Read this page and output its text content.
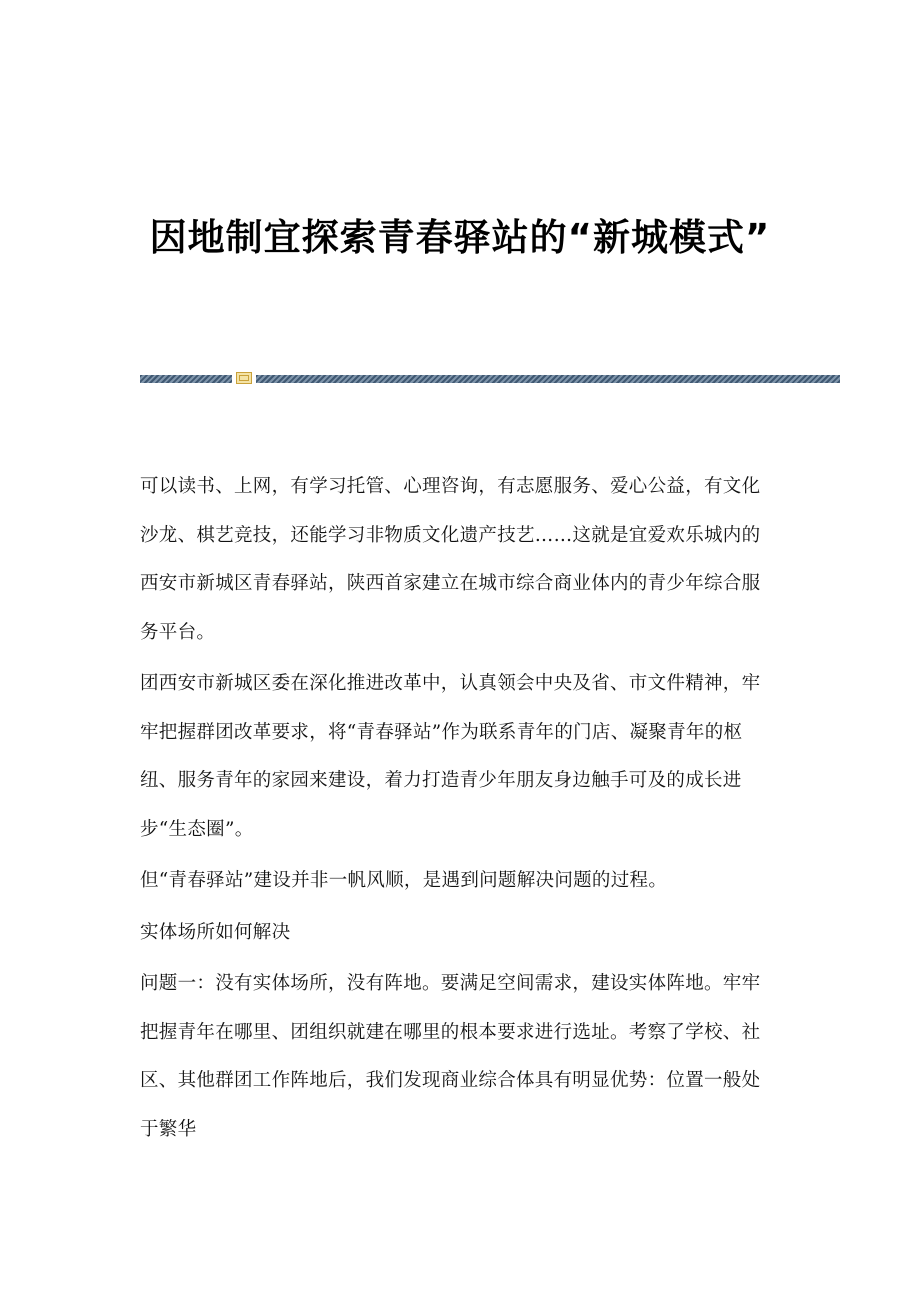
因地制宜探索青春驿站的“新城模式”

可以读书、上网，有学习托管、心理咨询，有志愿服务、爱心公益，有文化沙龙、棋艺竞技，还能学习非物质文化遗产技艺……这就是宜爱欢乐城内的西安市新城区青春驿站，陕西首家建立在城市综合商业体内的青少年综合服务平台。

团西安市新城区委在深化推进改革中，认真领会中央及省、市文件精神，牢牢把握群团改革要求，将“青春驿站”作为联系青年的门店、凝聚青年的枢纽、服务青年的家园来建设，着力打造青少年朋友身边触手可及的成长进步“生态圈”。

但“青春驿站”建设并非一帆风顺，是遇到问题解决问题的过程。

实体场所如何解决

问题一：没有实体场所，没有阵地。要满足空间需求，建设实体阵地。牢牢把握青年在哪里、团组织就建在哪里的根本要求进行选址。考察了学校、社区、其他群团工作阵地后，我们发现商业综合体具有明显优势：位置一般处于繁华
